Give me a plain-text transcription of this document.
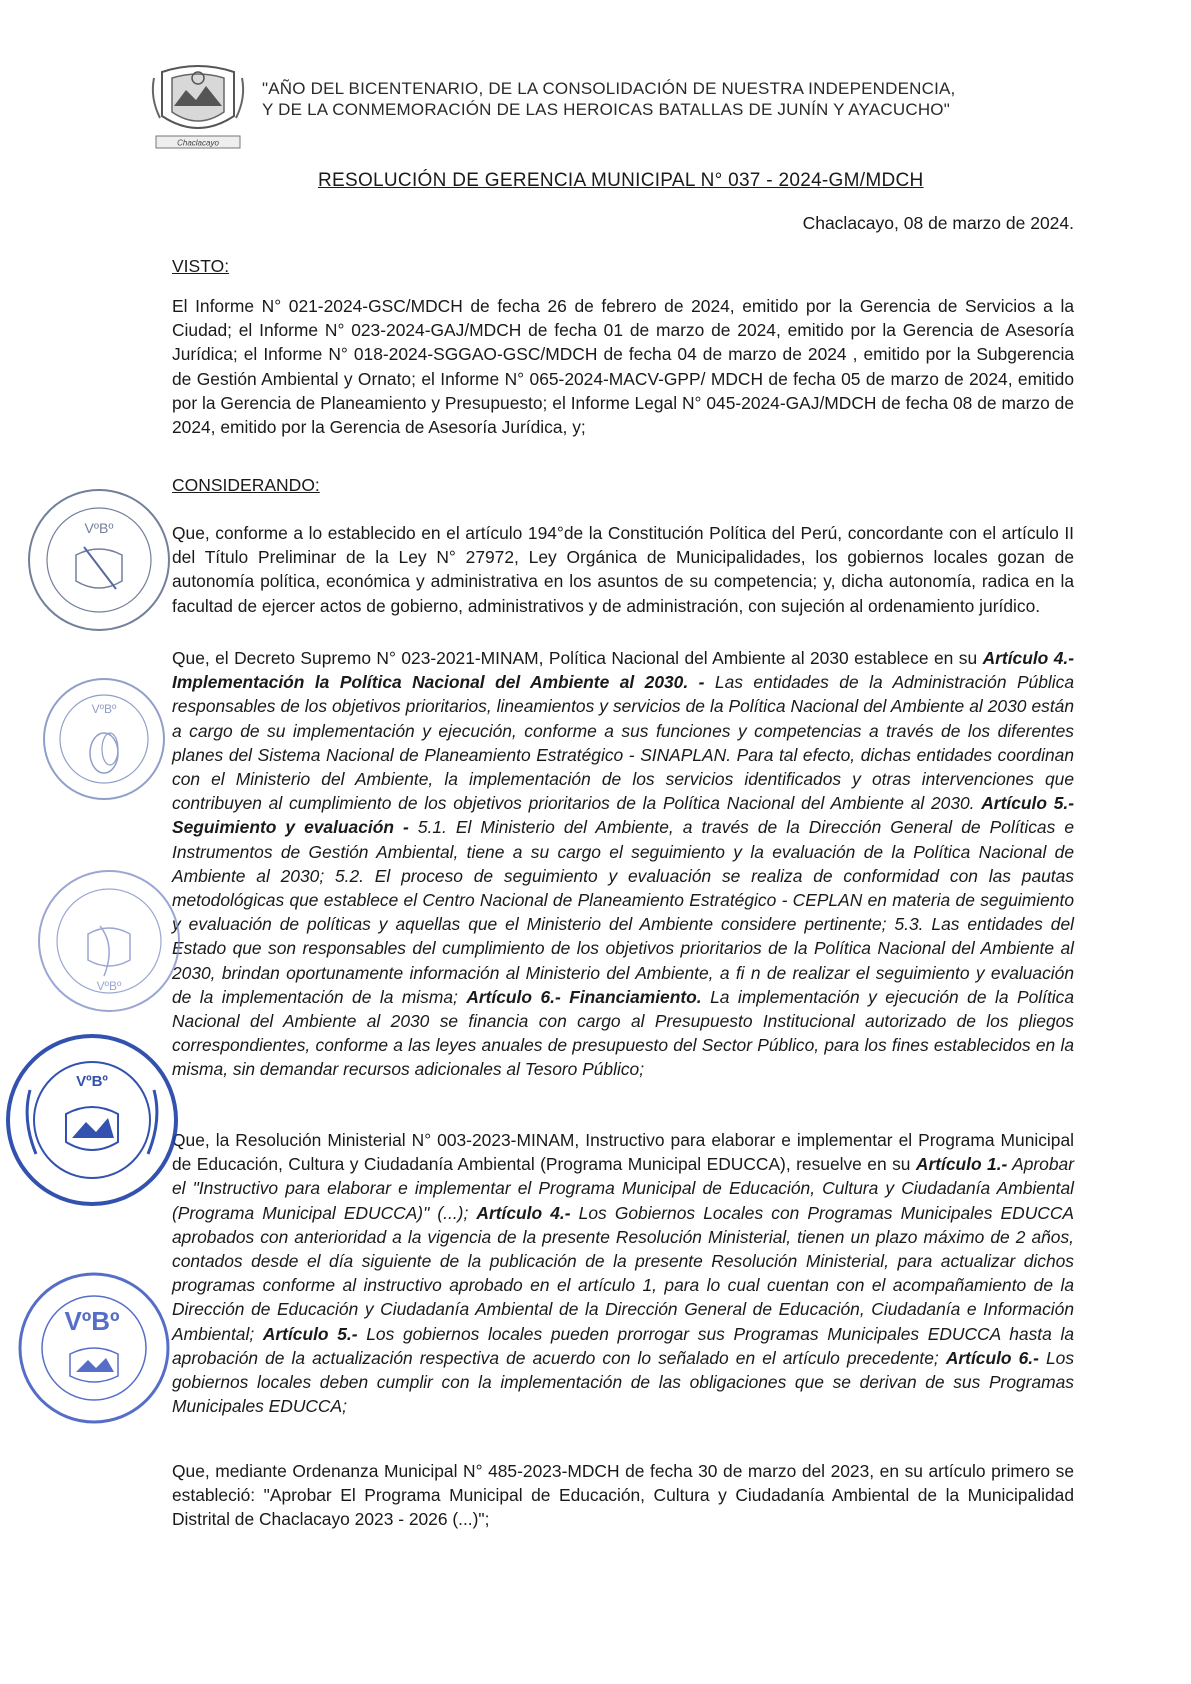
Chaclacayo
"AÑO DEL BICENTENARIO, DE LA CONSOLIDACIÓN DE NUESTRA INDEPENDENCIA,
Y DE LA CONMEMORACIÓN DE LAS HEROICAS BATALLAS DE JUNÍN Y AYACUCHO"
RESOLUCIÓN DE GERENCIA MUNICIPAL N° 037 - 2024-GM/MDCH
Chaclacayo, 08 de marzo de 2024.
VISTO:

El Informe N° 021-2024-GSC/MDCH de fecha 26 de febrero de 2024, emitido por la Gerencia de Servicios a la Ciudad; el Informe N° 023-2024-GAJ/MDCH de fecha 01 de marzo de 2024, emitido por la Gerencia de Asesoría Jurídica; el Informe N° 018-2024-SGGAO-GSC/MDCH de fecha 04 de marzo de 2024 , emitido por la Subgerencia de Gestión Ambiental y Ornato; el Informe N° 065-2024-MACV-GPP/ MDCH de fecha 05 de marzo de 2024, emitido por la Gerencia de Planeamiento y Presupuesto; el Informe Legal N° 045-2024-GAJ/MDCH de fecha 08 de marzo de 2024, emitido por la Gerencia de Asesoría Jurídica, y;

CONSIDERANDO:

Que, conforme a lo establecido en el artículo 194°de la Constitución Política del Perú, concordante con el artículo II del Título Preliminar de la Ley N° 27972, Ley Orgánica de Municipalidades, los gobiernos locales gozan de autonomía política, económica y administrativa en los asuntos de su competencia; y, dicha autonomía, radica en la facultad de ejercer actos de gobierno, administrativos y de administración, con sujeción al ordenamiento jurídico.

Que, el Decreto Supremo N° 023-2021-MINAM, Política Nacional del Ambiente al 2030 establece en su Artículo 4.- Implementación la Política Nacional del Ambiente al 2030. - Las entidades de la Administración Pública responsables de los objetivos prioritarios, lineamientos y servicios de la Política Nacional del Ambiente al 2030 están a cargo de su implementación y ejecución, conforme a sus funciones y competencias a través de los diferentes planes del Sistema Nacional de Planeamiento Estratégico - SINAPLAN. Para tal efecto, dichas entidades coordinan con el Ministerio del Ambiente, la implementación de los servicios identificados y otras intervenciones que contribuyen al cumplimiento de los objetivos prioritarios de la Política Nacional del Ambiente al 2030. Artículo 5.- Seguimiento y evaluación - 5.1. El Ministerio del Ambiente, a través de la Dirección General de Políticas e Instrumentos de Gestión Ambiental, tiene a su cargo el seguimiento y la evaluación de la Política Nacional de Ambiente al 2030; 5.2. El proceso de seguimiento y evaluación se realiza de conformidad con las pautas metodológicas que establece el Centro Nacional de Planeamiento Estratégico - CEPLAN en materia de seguimiento y evaluación de políticas y aquellas que el Ministerio del Ambiente considere pertinente; 5.3. Las entidades del Estado que son responsables del cumplimiento de los objetivos prioritarios de la Política Nacional del Ambiente al 2030, brindan oportunamente información al Ministerio del Ambiente, a fi n de realizar el seguimiento y evaluación de la implementación de la misma; Artículo 6.- Financiamiento. La implementación y ejecución de la Política Nacional del Ambiente al 2030 se financia con cargo al Presupuesto Institucional autorizado de los pliegos correspondientes, conforme a las leyes anuales de presupuesto del Sector Público, para los fines establecidos en la misma, sin demandar recursos adicionales al Tesoro Público;

Que, la Resolución Ministerial N° 003-2023-MINAM, Instructivo para elaborar e implementar el Programa Municipal de Educación, Cultura y Ciudadanía Ambiental (Programa Municipal EDUCCA), resuelve en su Artículo 1.- Aprobar el "Instructivo para elaborar e implementar el Programa Municipal de Educación, Cultura y Ciudadanía Ambiental (Programa Municipal EDUCCA)" (...); Artículo 4.- Los Gobiernos Locales con Programas Municipales EDUCCA aprobados con anterioridad a la vigencia de la presente Resolución Ministerial, tienen un plazo máximo de 2 años, contados desde el día siguiente de la publicación de la presente Resolución Ministerial, para actualizar dichos programas conforme al instructivo aprobado en el artículo 1, para lo cual cuentan con el acompañamiento de la Dirección de Educación y Ciudadanía Ambiental de la Dirección General de Educación, Ciudadanía e Información Ambiental; Artículo 5.- Los gobiernos locales pueden prorrogar sus Programas Municipales EDUCCA hasta la aprobación de la actualización respectiva de acuerdo con lo señalado en el artículo precedente; Artículo 6.- Los gobiernos locales deben cumplir con la implementación de las obligaciones que se derivan de sus Programas Municipales EDUCCA;

Que, mediante Ordenanza Municipal N° 485-2023-MDCH de fecha 30 de marzo del 2023, en su artículo primero se estableció: "Aprobar El Programa Municipal de Educación, Cultura y Ciudadanía Ambiental de la Municipalidad Distrital de Chaclacayo 2023 - 2026 (...)";

VºBº
VºBº
VºBº
VºBº
VºBº
